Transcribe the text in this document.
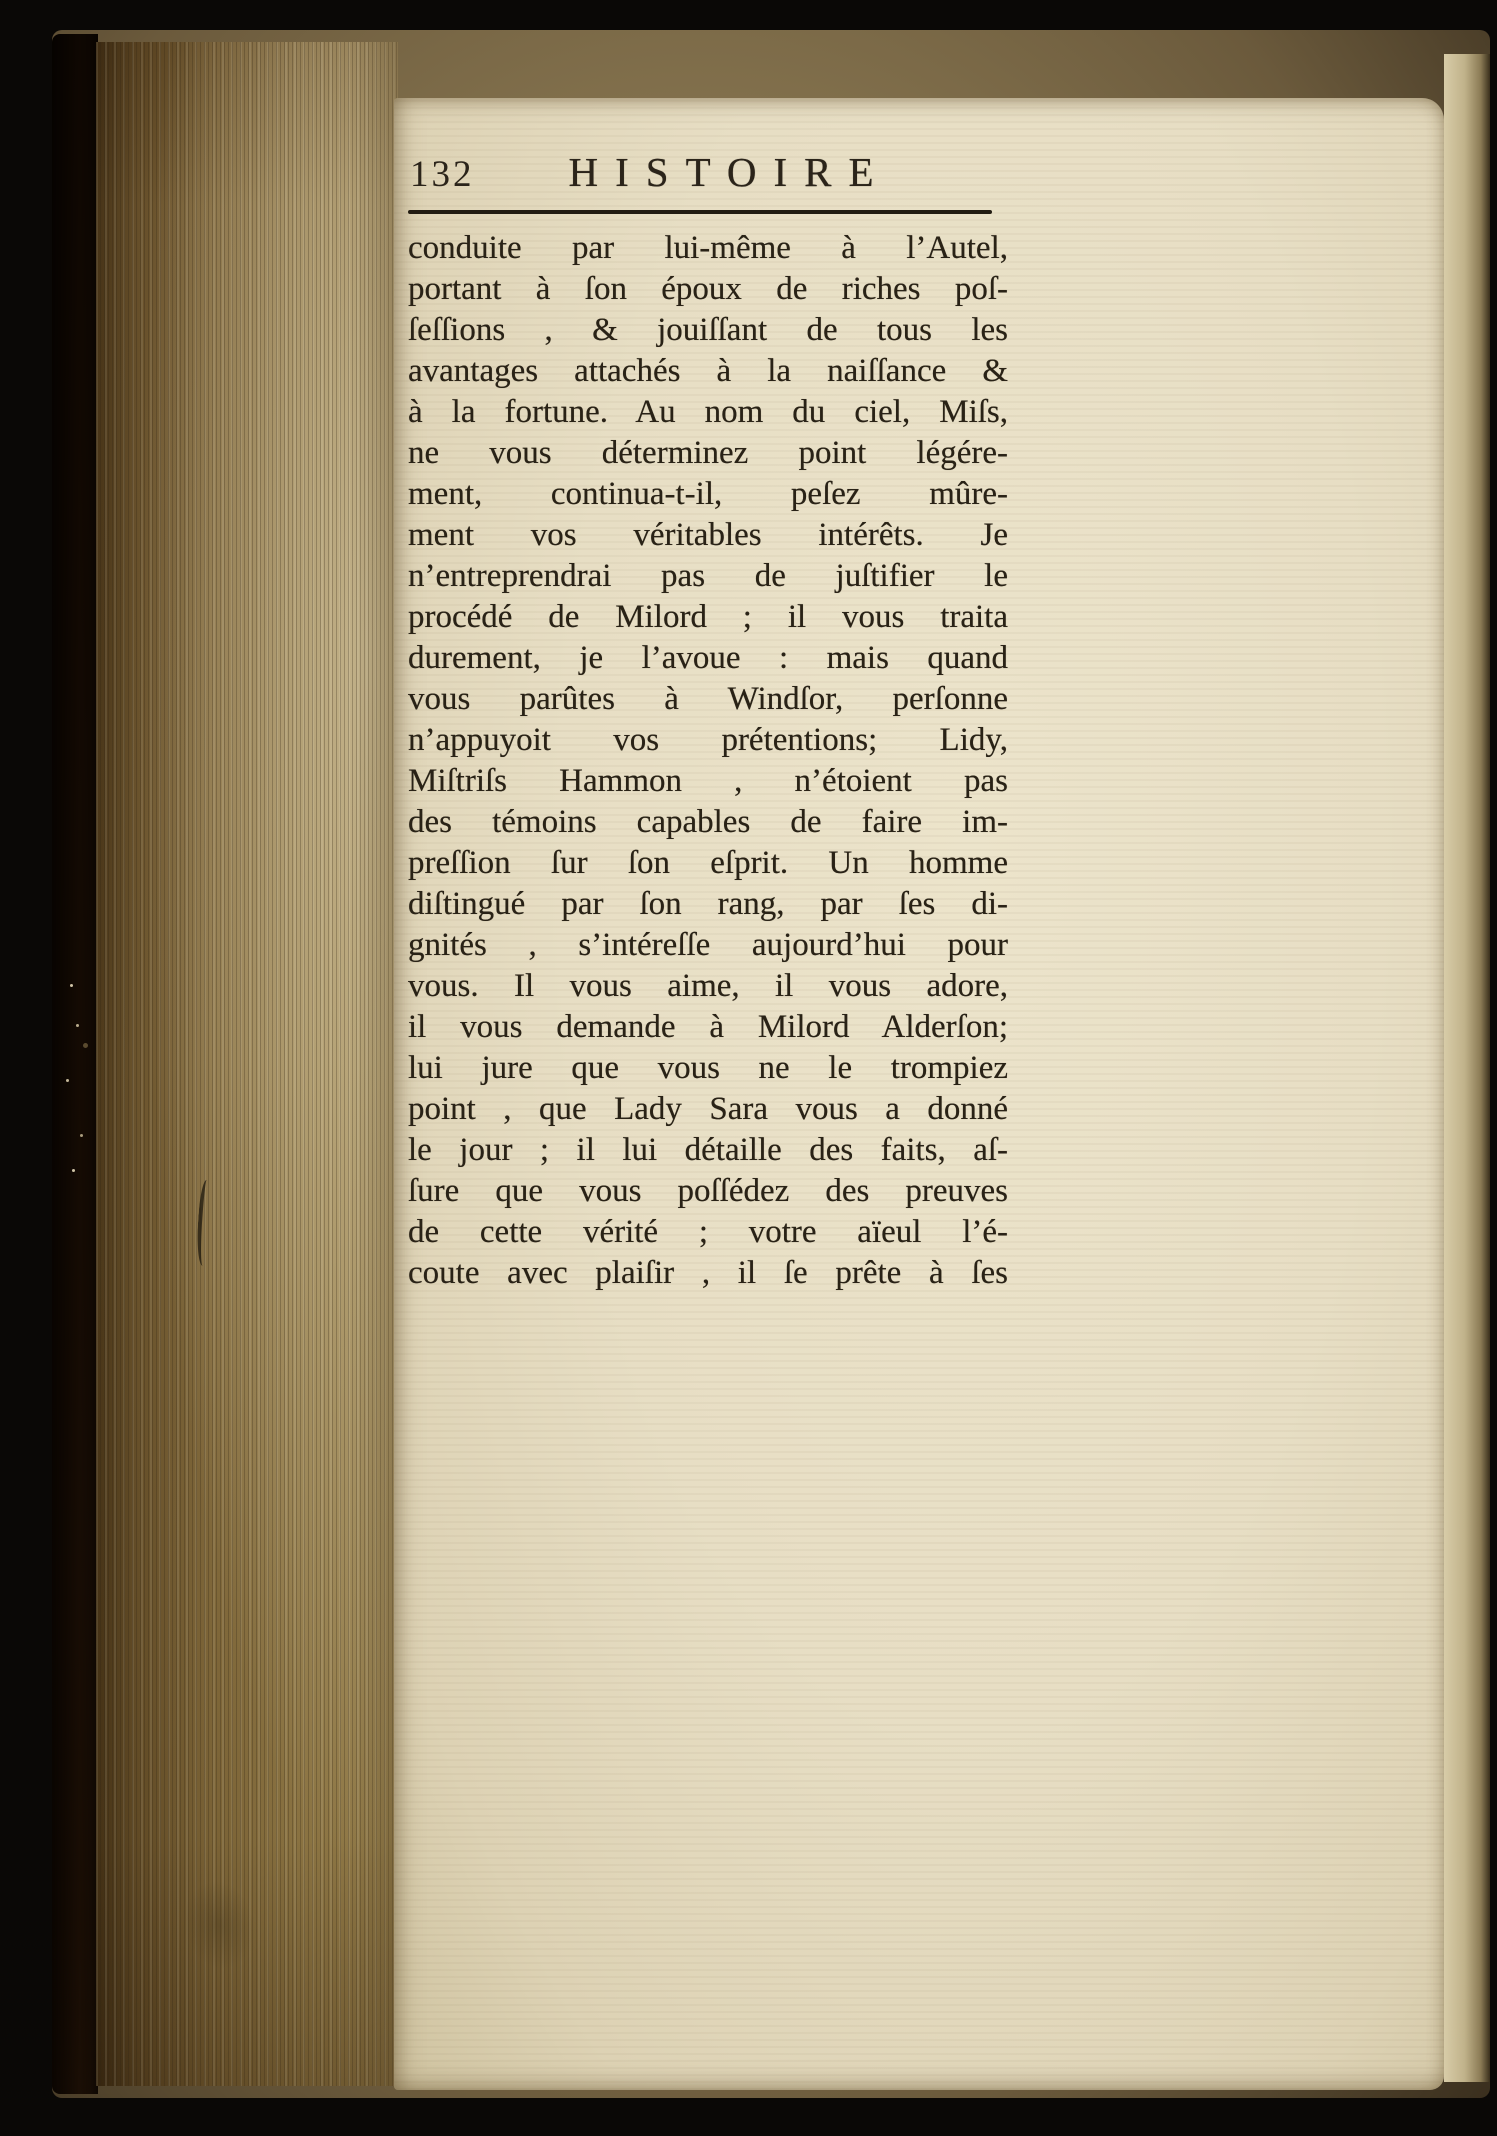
132 HISTOIRE
conduite par lui-même à l’Autel,
portant à ſon époux de riches poſ-
ſeſſions , & jouiſſant de tous les
avantages attachés à la naiſſance &
à la fortune. Au nom du ciel, Miſs,
ne vous déterminez point légére-
ment, continua-t-il, peſez mûre-
ment vos véritables intérêts. Je
n’entreprendrai pas de juſtifier le
procédé de Milord ; il vous traita
durement, je l’avoue : mais quand
vous parûtes à Windſor, perſonne
n’appuyoit vos prétentions; Lidy,
Miſtriſs Hammon , n’étoient pas
des témoins capables de faire im-
preſſion ſur ſon eſprit. Un homme
diſtingué par ſon rang, par ſes di-
gnités , s’intéreſſe aujourd’hui pour
vous. Il vous aime, il vous adore,
il vous demande à Milord Alderſon;
lui jure que vous ne le trompiez
point , que Lady Sara vous a donné
le jour ; il lui détaille des faits, aſ-
ſure que vous poſſédez des preuves
de cette vérité ; votre aïeul l’é-
coute avec plaiſir , il ſe prête à ſes
